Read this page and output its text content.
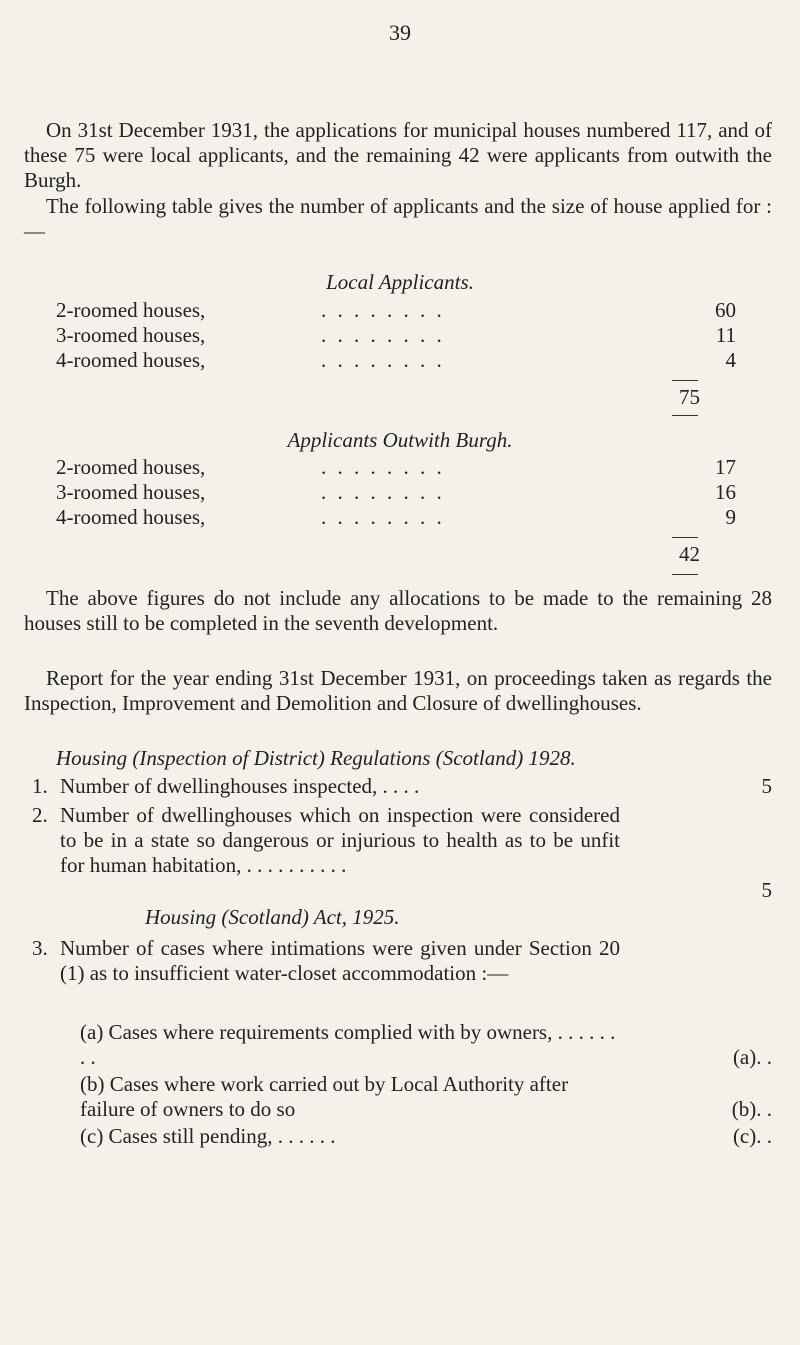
39

On 31st December 1931, the applications for municipal houses numbered 117, and of these 75 were local applicants, and the remaining 42 were applicants from outwith the Burgh.

The following table gives the number of applicants and the size of house applied for :—

Local Applicants.
2-roomed houses,	. . . . . . . .	60
3-roomed houses,	. . . . . . . .	11
4-roomed houses,	. . . . . . . .	4
75
Applicants Outwith Burgh.
2-roomed houses,	. . . . . . . .	17
3-roomed houses,	. . . . . . . .	16
4-roomed houses,	. . . . . . . .	9
42

The above figures do not include any allocations to be made to the remaining 28 houses still to be completed in the seventh development.

Report for the year ending 31st December 1931, on proceedings taken as regards the Inspection, Improvement and Demolition and Closure of dwellinghouses.

Housing (Inspection of District) Regulations (Scotland) 1928.
1. Number of dwellinghouses inspected, . . . .	5
2. Number of dwellinghouses which on inspection were considered to be in a state so dangerous or injurious to health as to be unfit for human habitation, . . . . . . . . . .
5
Housing (Scotland) Act, 1925.
3. Number of cases where intimations were given under Section 20 (1) as to insufficient water-closet accommodation :—
(a) Cases where requirements complied with by owners, . . . . . . . .	(a). .
(b) Cases where work carried out by Local Authority after failure of owners to do so	(b). .
(c) Cases still pending, . . . . . .	(c). .
